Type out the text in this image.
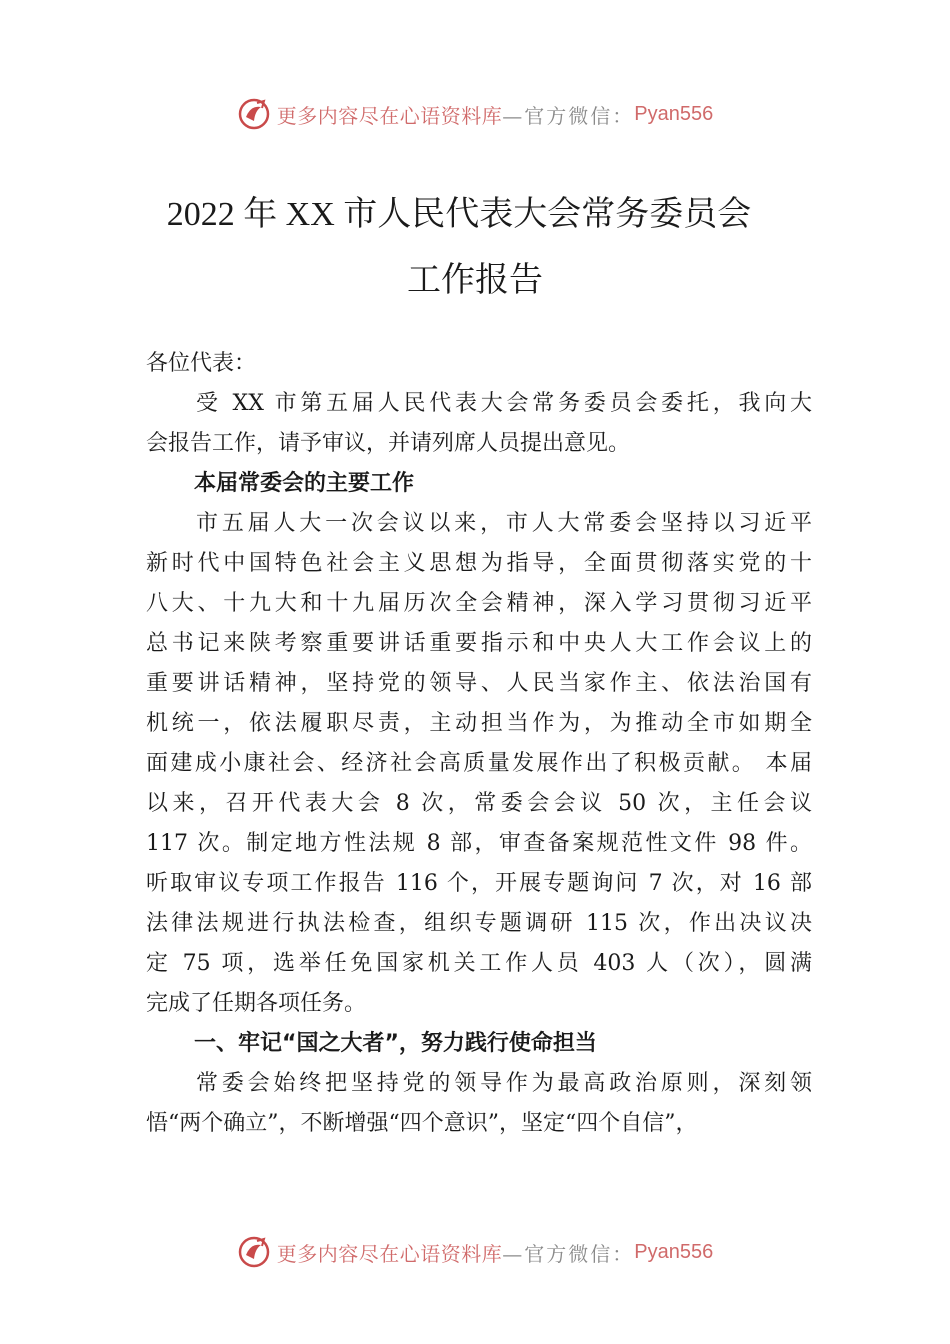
更多内容尽在心语资料库 —官方微信： Pyan556
2022 年 XX 市人民代表大会常务委员会
工作报告
各位代表：
受 XX 市第五届人民代表大会常务委员会委托，我向大
会报告工作，请予审议，并请列席人员提出意见。
本届常委会的主要工作
市五届人大一次会议以来，市人大常委会坚持以习近平
新时代中国特色社会主义思想为指导，全面贯彻落实党的十
八大、十九大和十九届历次全会精神，深入学习贯彻习近平
总书记来陕考察重要讲话重要指示和中央人大工作会议上的
重要讲话精神，坚持党的领导、人民当家作主、依法治国有
机统一，依法履职尽责，主动担当作为，为推动全市如期全
面建成小康社会、经济社会高质量发展作出了积极贡献。 本届
以来，召开代表大会 8 次，常委会会议 50 次，主任会议
117 次。制定地方性法规 8 部，审查备案规范性文件 98 件。
听取审议专项工作报告 116 个，开展专题询问 7 次，对 16 部
法律法规进行执法检查，组织专题调研 115 次，作出决议决
定 75 项，选举任免国家机关工作人员 403 人（次），圆满
完成了任期各项任务。
一、牢记“国之大者”，努力践行使命担当
常委会始终把坚持党的领导作为最高政治原则，深刻领
悟“两个确立”，不断增强“四个意识”，坚定“四个自信”，
更多内容尽在心语资料库 —官方微信： Pyan556
